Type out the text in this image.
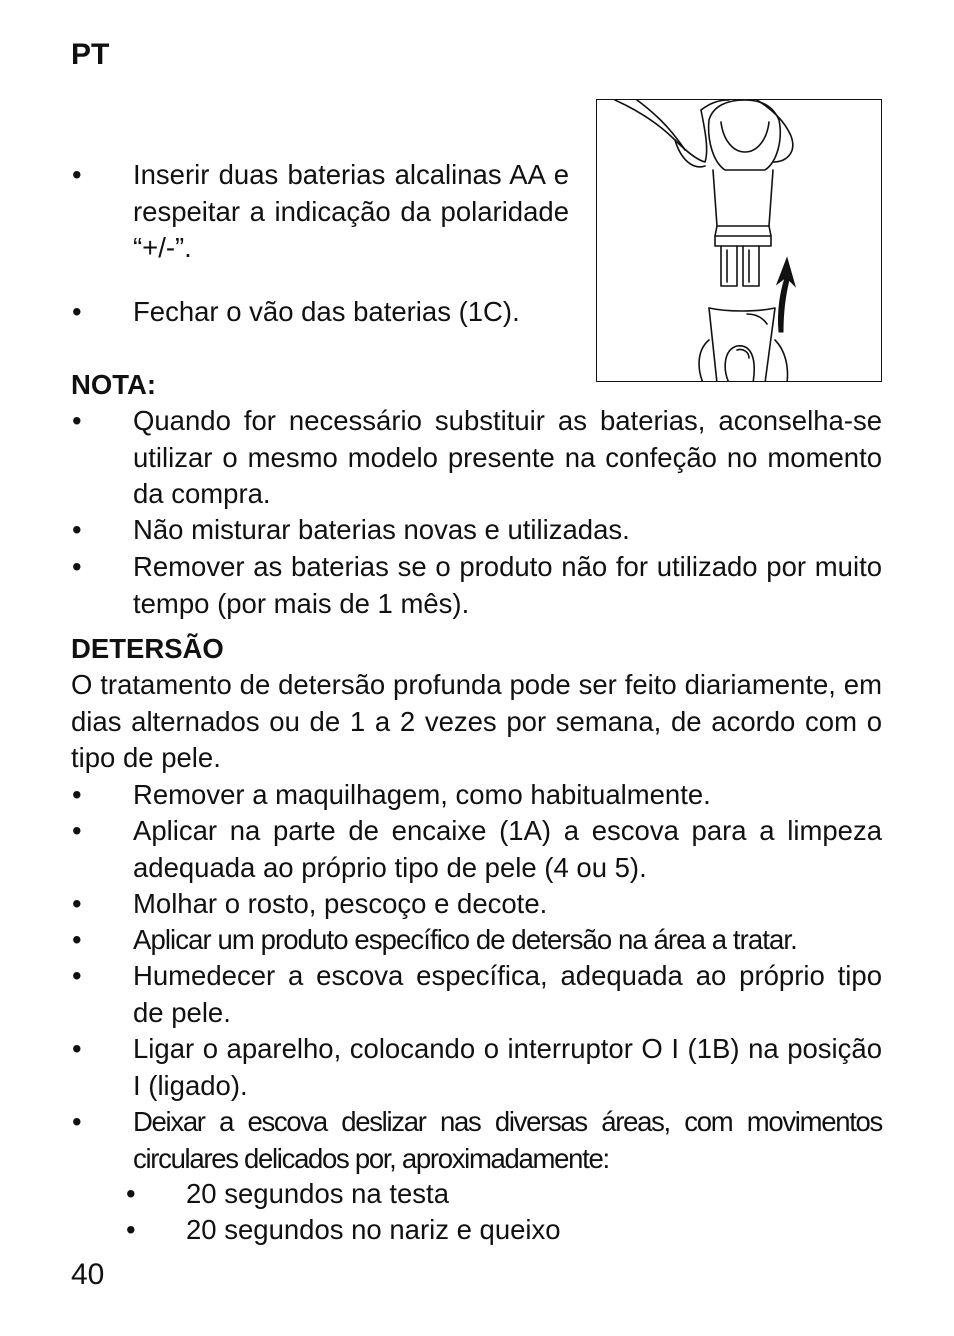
PT
• Inserir duas baterias alcalinas AA e respeitar a indicação da polaridade “+/-”.
• Fechar o vão das baterias (1C).
NOTA:
• Quando for necessário substituir as baterias, aconselha-se utilizar o mesmo modelo presente na confeção no momento da compra.
• Não misturar baterias novas e utilizadas.
• Remover as baterias se o produto não for utilizado por muito tempo (por mais de 1 mês).
DETERSÃO
O tratamento de detersão profunda pode ser feito diariamente, em dias alternados ou de 1 a 2 vezes por semana, de acordo com o tipo de pele.
• Remover a maquilhagem, como habitualmente.
• Aplicar na parte de encaixe (1A) a escova para a limpeza adequada ao próprio tipo de pele (4 ou 5).
• Molhar o rosto, pescoço e decote.
• Aplicar um produto específico de detersão na área a tratar.
• Humedecer a escova específica, adequada ao próprio tipo de pele.
• Ligar o aparelho, colocando o interruptor O I (1B) na posição I (ligado).
• Deixar a escova deslizar nas diversas áreas, com movimentos circulares delicados por, aproximadamente:
• 20 segundos na testa
• 20 segundos no nariz e queixo
40
